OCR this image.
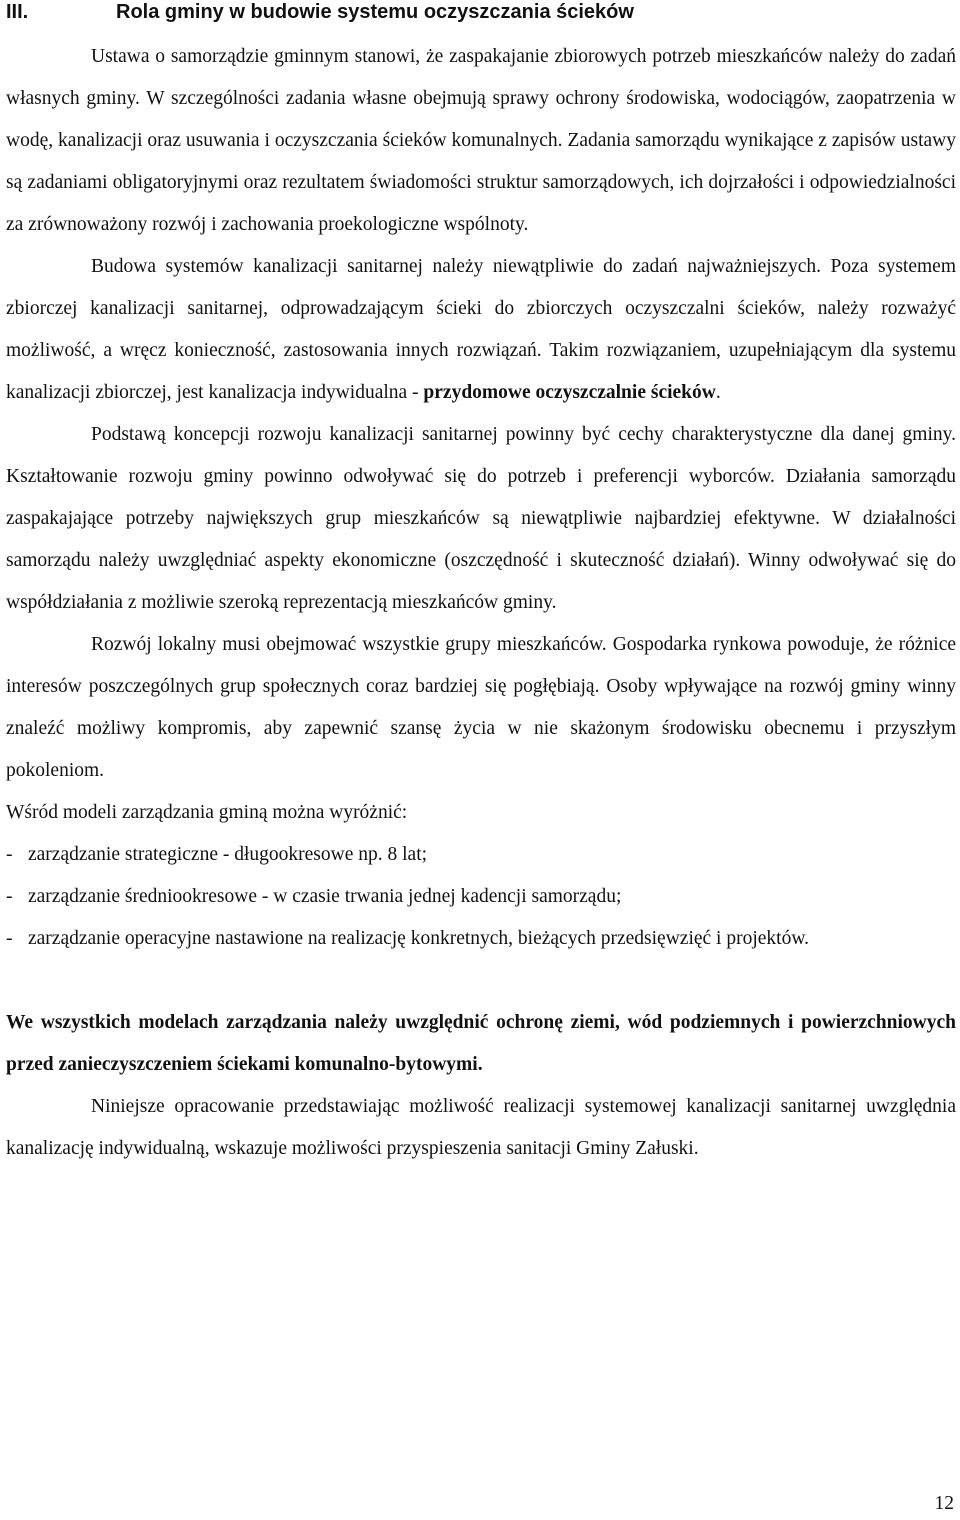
III.	Rola gminy w budowie systemu oczyszczania ścieków

Ustawa o samorządzie gminnym stanowi, że zaspakajanie zbiorowych potrzeb mieszkańców należy do zadań własnych gminy. W szczególności zadania własne obejmują sprawy ochrony środowiska, wodociągów, zaopatrzenia w wodę, kanalizacji oraz usuwania i oczyszczania ścieków komunalnych. Zadania samorządu wynikające z zapisów ustawy są zadaniami obligatoryjnymi oraz rezultatem świadomości struktur samorządowych, ich dojrzałości i odpowiedzialności za zrównoważony rozwój i zachowania proekologiczne wspólnoty.

Budowa systemów kanalizacji sanitarnej należy niewątpliwie do zadań najważniejszych. Poza systemem zbiorczej kanalizacji sanitarnej, odprowadzającym ścieki do zbiorczych oczyszczalni ścieków, należy rozważyć możliwość, a wręcz konieczność, zastosowania innych rozwiązań. Takim rozwiązaniem, uzupełniającym dla systemu kanalizacji zbiorczej, jest kanalizacja indywidualna - przydomowe oczyszczalnie ścieków.

Podstawą koncepcji rozwoju kanalizacji sanitarnej powinny być cechy charakterystyczne dla danej gminy. Kształtowanie rozwoju gminy powinno odwoływać się do potrzeb i preferencji wyborców. Działania samorządu zaspakajające potrzeby największych grup mieszkańców są niewątpliwie najbardziej efektywne. W działalności samorządu należy uwzględniać aspekty ekonomiczne (oszczędność i skuteczność działań). Winny odwoływać się do współdziałania z możliwie szeroką reprezentacją mieszkańców gminy.

Rozwój lokalny musi obejmować wszystkie grupy mieszkańców. Gospodarka rynkowa powoduje, że różnice interesów poszczególnych grup społecznych coraz bardziej się pogłębiają. Osoby wpływające na rozwój gminy winny znaleźć możliwy kompromis, aby zapewnić szansę życia w nie skażonym środowisku obecnemu i przyszłym pokoleniom.

Wśród modeli zarządzania gminą można wyróżnić:

- zarządzanie strategiczne - długookresowe np. 8 lat;
- zarządzanie średniookresowe - w czasie trwania jednej kadencji samorządu;
- zarządzanie operacyjne nastawione na realizację konkretnych, bieżących przedsięwzięć i projektów.

We wszystkich modelach zarządzania należy uwzględnić ochronę ziemi, wód podziemnych i powierzchniowych przed zanieczyszczeniem ściekami komunalno-bytowymi.

Niniejsze opracowanie przedstawiając możliwość realizacji systemowej kanalizacji sanitarnej uwzględnia kanalizację indywidualną, wskazuje możliwości przyspieszenia sanitacji Gminy Załuski.

12
